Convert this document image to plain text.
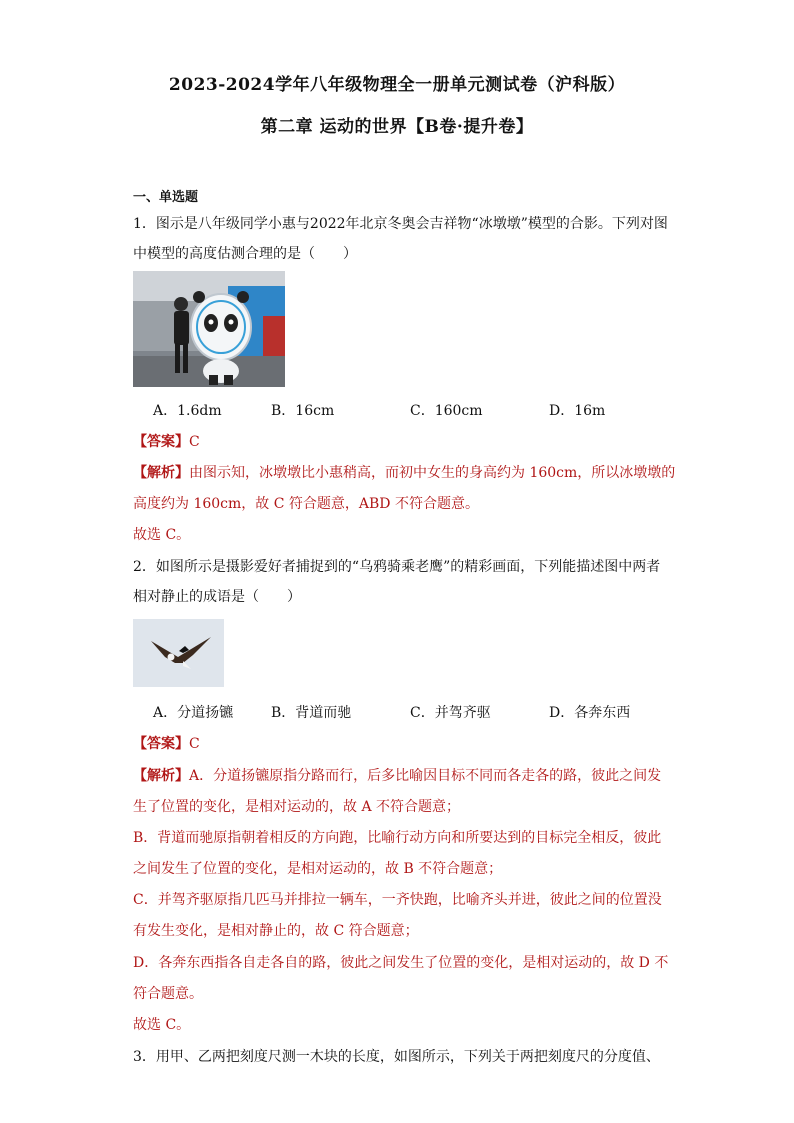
2023-2024学年八年级物理全一册单元测试卷（沪科版）
第二章 运动的世界【B卷·提升卷】
一、单选题
1．图示是八年级同学小惠与2022年北京冬奥会吉祥物“冰墩墩”模型的合影。下列对图
中模型的高度估测合理的是（　　）
A．1.6dm	B．16cm	C．160cm	D．16m
【答案】C
【解析】由图示知，冰墩墩比小惠稍高，而初中女生的身高约为 160cm，所以冰墩墩的
高度约为 160cm，故 C 符合题意，ABD 不符合题意。
故选 C。
2．如图所示是摄影爱好者捕捉到的“乌鸦骑乘老鹰”的精彩画面，下列能描述图中两者
相对静止的成语是（　　）
A．分道扬镳	B．背道而驰	C．并驾齐驱	D．各奔东西
【答案】C
【解析】A．分道扬镳原指分路而行，后多比喻因目标不同而各走各的路，彼此之间发
生了位置的变化，是相对运动的，故 A 不符合题意；
B．背道而驰原指朝着相反的方向跑，比喻行动方向和所要达到的目标完全相反，彼此
之间发生了位置的变化，是相对运动的，故 B 不符合题意；
C．并驾齐驱原指几匹马并排拉一辆车，一齐快跑，比喻齐头并进，彼此之间的位置没
有发生变化，是相对静止的，故 C 符合题意；
D．各奔东西指各自走各自的路，彼此之间发生了位置的变化，是相对运动的，故 D 不
符合题意。
故选 C。
3．用甲、乙两把刻度尺测一木块的长度，如图所示，下列关于两把刻度尺的分度值、
